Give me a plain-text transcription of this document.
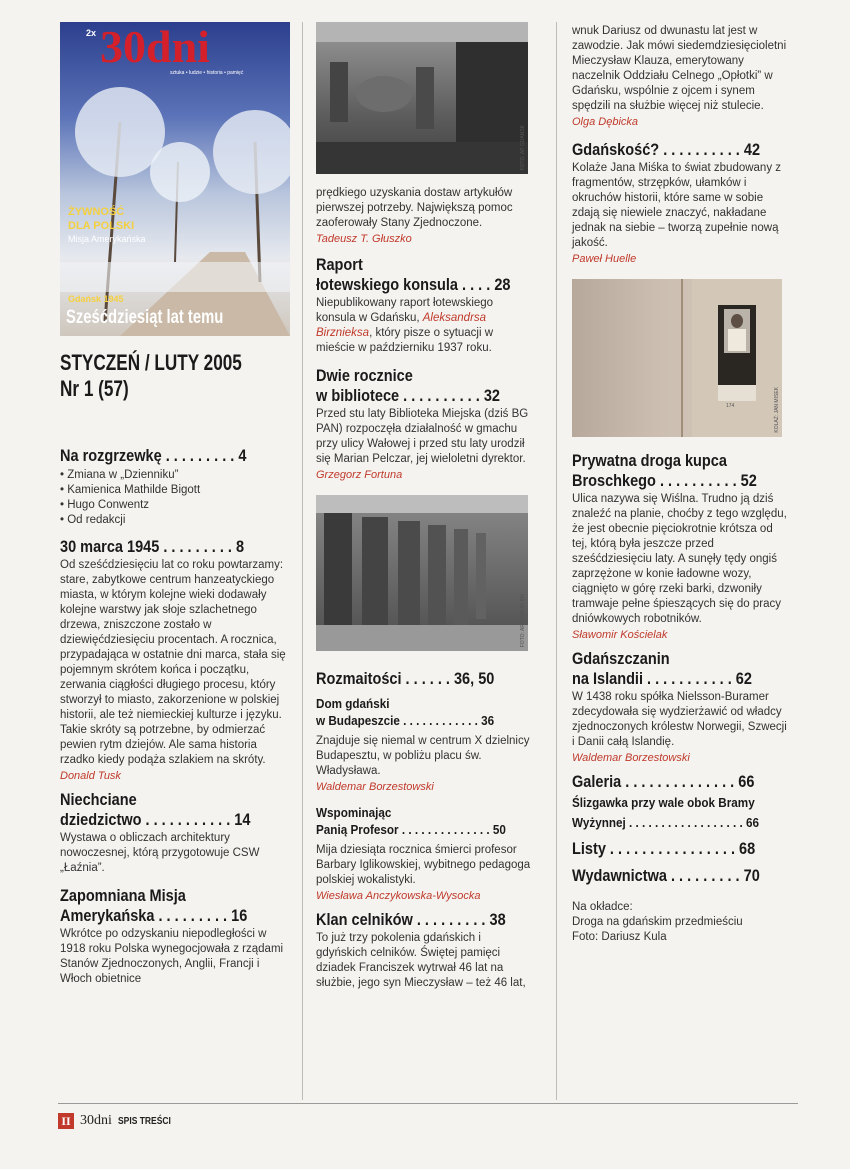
2x 30dni
sztuka • ludzie • historia • pamięć
ŻYWNOŚĆ
DLA POLSKI
Misja Amerykańska
Gdańsk 1945
Sześćdziesiąt lat temu
STYCZEŃ / LUTY 2005
Nr 1 (57)
Na rozgrzewkę . . . . . . . . . 4
• Zmiana w „Dzienniku”
• Kamienica Mathilde Bigott
• Hugo Conwentz
• Od redakcji
30 marca 1945 . . . . . . . . . 8
Od sześćdziesięciu lat co roku powtarzamy: stare, zabytkowe centrum hanzeatyckiego miasta, w którym kolejne wieki dodawały kolejne warstwy jak słoje szlachetnego drzewa, zniszczone zostało w dziewięćdziesięciu procentach. A rocznica, przypadająca w ostatnie dni marca, stała się pojemnym skrótem końca i początku, zerwania ciągłości długiego procesu, który stworzył to miasto, zakorzenione w polskiej historii, ale też niemieckiej kulturze i języku. Takie skróty są potrzebne, by odmierzać pewien rytm dziejów. Ale sama historia rzadko kiedy podąża szlakiem na skróty.
Donald Tusk
Niechciane
dziedzictwo . . . . . . . . . . . 14
Wystawa o obliczach architektury nowoczesnej, którą przygotowuje CSW „Łaźnia”.
Zapomniana Misja
Amerykańska . . . . . . . . . 16
Wkrótce po odzyskaniu niepodległości w 1918 roku Polska wynegocjowała z rządami Stanów Zjednoczonych, Anglii, Francji i Włoch obietnice
FOTO: AP GDAŃSK
prędkiego uzyskania dostaw artykułów pierwszej potrzeby. Największą pomoc zaoferowały Stany Zjednoczone.
Tadeusz T. Głuszko
Raport
łotewskiego konsula . . . . 28
Niepublikowany raport łotewskiego konsula w Gdańsku, Aleksandrsa Birznieksa, który pisze o sytuacji w mieście w październiku 1937 roku.
Dwie rocznice
w bibliotece . . . . . . . . . . 32
Przed stu laty Biblioteka Miejska (dziś BG PAN) rozpoczęła działalność w gmachu przy ulicy Wałowej i przed stu laty urodził się Marian Pelczar, jej wieloletni dyrektor.
Grzegorz Fortuna
FOTO: ARCHIWUM BM
Rozmaitości . . . . . . 36, 50
Dom gdański
w Budapeszcie . . . . . . . . . . . . 36
Znajduje się niemal w centrum X dzielnicy Budapesztu, w pobliżu placu św. Władysława.
Waldemar Borzestowski
Wspominając
Panią Profesor . . . . . . . . . . . . . . 50
Mija dziesiąta rocznica śmierci profesor Barbary Iglikowskiej, wybitnego pedagoga polskiej wokalistyki.
Wiesława Anczykowska-Wysocka
Klan celników . . . . . . . . . 38
To już trzy pokolenia gdańskich i gdyńskich celników. Świętej pamięci dziadek Franciszek wytrwał 46 lat na służbie, jego syn Mieczysław – też 46 lat,
wnuk Dariusz od dwunastu lat jest w zawodzie. Jak mówi siedemdziesięcioletni Mieczysław Klauza, emerytowany naczelnik Oddziału Celnego „Opłotki” w Gdańsku, wspólnie z ojcem i synem spędzili na służbie więcej niż stulecie.
Olga Dębicka
Gdańskość? . . . . . . . . . . 42
Kolaże Jana Miśka to świat zbudowany z fragmentów, strzępków, ułamków i okruchów historii, które same w sobie zdają się niewiele znaczyć, nakładane jednak na siebie – tworzą zupełnie nową jakość.
Paweł Huelle
174	KOLAŻ: JAN MISEK
Prywatna droga kupca
Broschkego . . . . . . . . . . 52
Ulica nazywa się Wiślna. Trudno ją dziś znaleźć na planie, choćby z tego względu, że jest obecnie pięciokrotnie krótsza od tej, którą była jeszcze przed sześćdziesięciu laty. A sunęły tędy ongiś zaprzężone w konie ładowne wozy, ciągnięto w górę rzeki barki, dzwoniły tramwaje pełne śpieszących się do pracy dniówkowych robotników.
Sławomir Kościelak
Gdańszczanin
na Islandii . . . . . . . . . . . 62
W 1438 roku spółka Nielsson-Buramer zdecydowała się wydzierżawić od władcy zjednoczonych królestw Norwegii, Szwecji i Danii całą Islandię.
Waldemar Borzestowski
Galeria . . . . . . . . . . . . . . 66
Ślizgawka przy wale obok Bramy
Wyżynnej . . . . . . . . . . . . . . . . . . 66
Listy . . . . . . . . . . . . . . . . 68
Wydawnictwa . . . . . . . . . 70
Na okładce:
Droga na gdańskim przedmieściu
Foto: Dariusz Kula
II 30dni SPIS TREŚCI
